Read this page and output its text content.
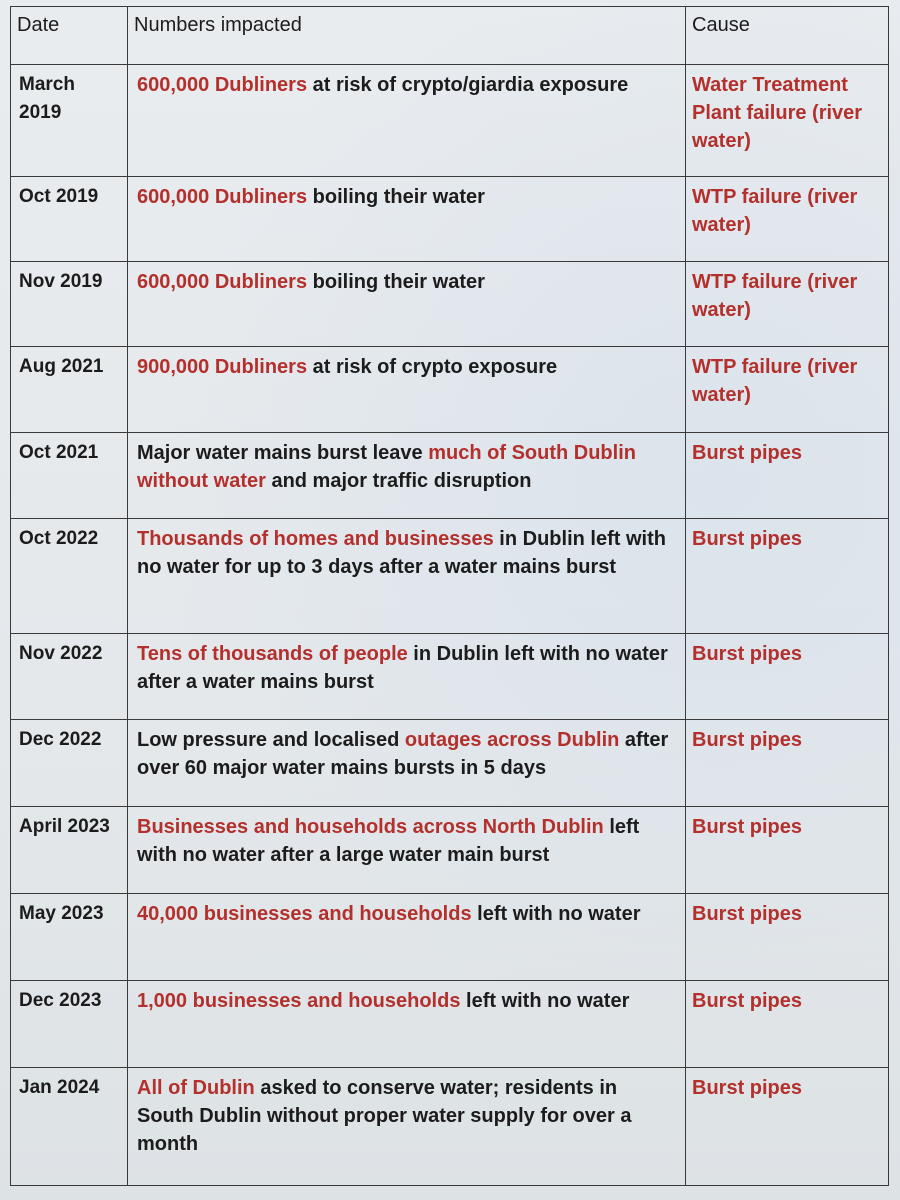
Date	Numbers impacted	Cause
March 2019	600,000 Dubliners at risk of crypto/giardia exposure	Water Treatment Plant failure (river water)
Oct 2019	600,000 Dubliners boiling their water	WTP failure (river water)
Nov 2019	600,000 Dubliners boiling their water	WTP failure (river water)
Aug 2021	900,000 Dubliners at risk of crypto exposure	WTP failure (river water)
Oct 2021	Major water mains burst leave much of South Dublin without water and major traffic disruption	Burst pipes
Oct 2022	Thousands of homes and businesses in Dublin left with no water for up to 3 days after a water mains burst	Burst pipes
Nov 2022	Tens of thousands of people in Dublin left with no water after a water mains burst	Burst pipes
Dec 2022	Low pressure and localised outages across Dublin after over 60 major water mains bursts in 5 days	Burst pipes
April 2023	Businesses and households across North Dublin left with no water after a large water main burst	Burst pipes
May 2023	40,000 businesses and households left with no water	Burst pipes
Dec 2023	1,000 businesses and households left with no water	Burst pipes
Jan 2024	All of Dublin asked to conserve water; residents in South Dublin without proper water supply for over a month	Burst pipes
